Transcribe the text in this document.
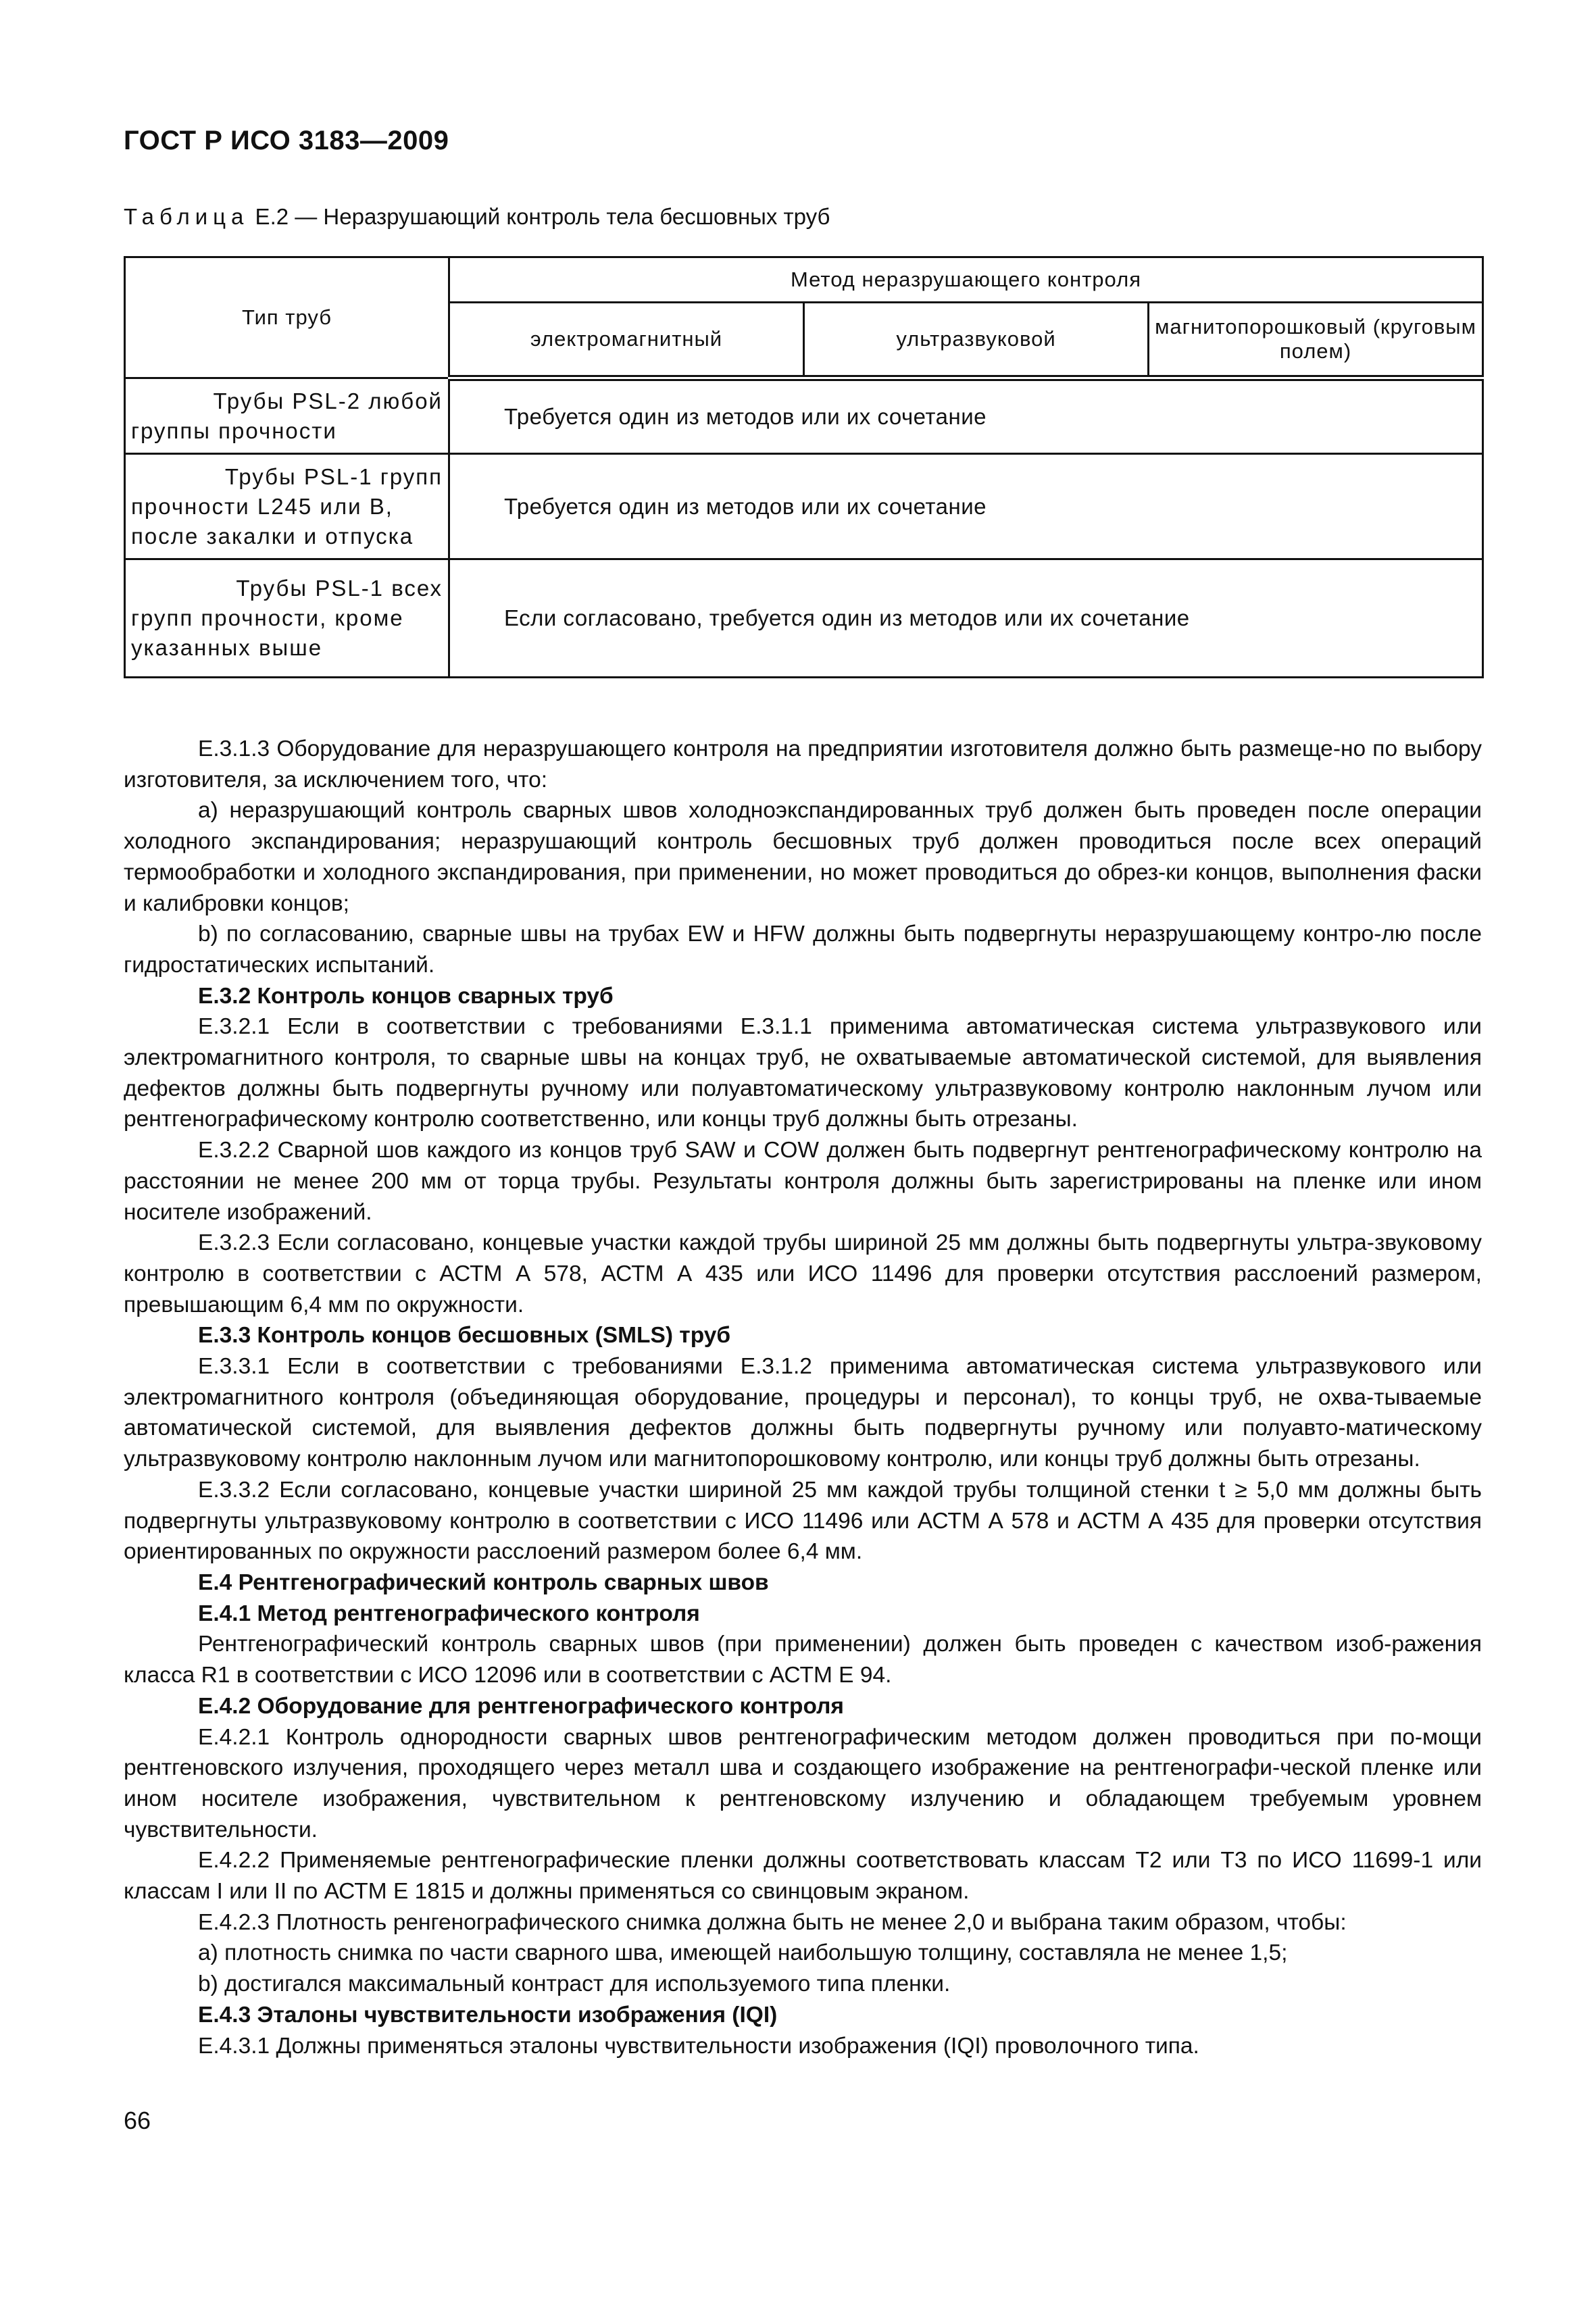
ГОСТ Р ИСО 3183—2009
Таблица Е.2 — Неразрушающий контроль тела бесшовных труб
Тип труб	Метод неразрушающего контроля		
	электромагнитный	ультразвуковой	магнитопорошковый (круговым полем)

Трубы PSL-2 любой
группы прочности	Требуется один из методов или их сочетание		

Трубы PSL-1 групп
прочности L245 или В, после закалки и отпуска	Требуется один из методов или их сочетание		

Трубы PSL-1 всех
групп прочности, кроме указанных выше	Если согласовано, требуется один из методов или их сочетание		

Е.3.1.3 Оборудование для неразрушающего контроля на предприятии изготовителя должно быть размеще-но по выбору изготовителя, за исключением того, что:

a) неразрушающий контроль сварных швов холодноэкспандированных труб должен быть проведен после операции холодного экспандирования; неразрушающий контроль бесшовных труб должен проводиться после всех операций термообработки и холодного экспандирования, при применении, но может проводиться до обрез-ки концов, выполнения фаски и калибровки концов;

b) по согласованию, сварные швы на трубах EW и HFW должны быть подвергнуты неразрушающему контро-лю после гидростатических испытаний.

Е.3.2 Контроль концов сварных труб

Е.3.2.1 Если в соответствии с требованиями Е.3.1.1 применима автоматическая система ультразвукового или электромагнитного контроля, то сварные швы на концах труб, не охватываемые автоматической системой, для выявления дефектов должны быть подвергнуты ручному или полуавтоматическому ультразвуковому контролю наклонным лучом или рентгенографическому контролю соответственно, или концы труб должны быть отрезаны.

Е.3.2.2 Сварной шов каждого из концов труб SAW и COW должен быть подвергнут рентгенографическому контролю на расстоянии не менее 200 мм от торца трубы. Результаты контроля должны быть зарегистрированы на пленке или ином носителе изображений.

Е.3.2.3 Если согласовано, концевые участки каждой трубы шириной 25 мм должны быть подвергнуты ультра-звуковому контролю в соответствии с АСТМ А 578, АСТМ А 435 или ИСО 11496 для проверки отсутствия расслоений размером, превышающим 6,4 мм по окружности.

Е.3.3 Контроль концов бесшовных (SMLS) труб

Е.3.3.1 Если в соответствии с требованиями Е.3.1.2 применима автоматическая система ультразвукового или электромагнитного контроля (объединяющая оборудование, процедуры и персонал), то концы труб, не охва-тываемые автоматической системой, для выявления дефектов должны быть подвергнуты ручному или полуавто-матическому ультразвуковому контролю наклонным лучом или магнитопорошковому контролю, или концы труб должны быть отрезаны.

Е.3.3.2 Если согласовано, концевые участки шириной 25 мм каждой трубы толщиной стенки t ≥ 5,0 мм должны быть подвергнуты ультразвуковому контролю в соответствии с ИСО 11496 или АСТМ А 578 и АСТМ А 435 для проверки отсутствия ориентированных по окружности расслоений размером более 6,4 мм.

Е.4 Рентгенографический контроль сварных швов

Е.4.1 Метод рентгенографического контроля

Рентгенографический контроль сварных швов (при применении) должен быть проведен с качеством изоб-ражения класса R1 в соответствии с ИСО 12096 или в соответствии с АСТМ Е 94.

Е.4.2 Оборудование для рентгенографического контроля

Е.4.2.1 Контроль однородности сварных швов рентгенографическим методом должен проводиться при по-мощи рентгеновского излучения, проходящего через металл шва и создающего изображение на рентгенографи-ческой пленке или ином носителе изображения, чувствительном к рентгеновскому излучению и обладающем требуемым уровнем чувствительности.

Е.4.2.2 Применяемые рентгенографические пленки должны соответствовать классам Т2 или Т3 по ИСО 11699-1 или классам I или II по АСТМ Е 1815 и должны применяться со свинцовым экраном.

Е.4.2.3 Плотность ренгенографического снимка должна быть не менее 2,0 и выбрана таким образом, чтобы:

a) плотность снимка по части сварного шва, имеющей наибольшую толщину, составляла не менее 1,5;

b) достигался максимальный контраст для используемого типа пленки.

Е.4.3 Эталоны чувствительности изображения (IQI)

Е.4.3.1 Должны применяться эталоны чувствительности изображения (IQI) проволочного типа.

66
